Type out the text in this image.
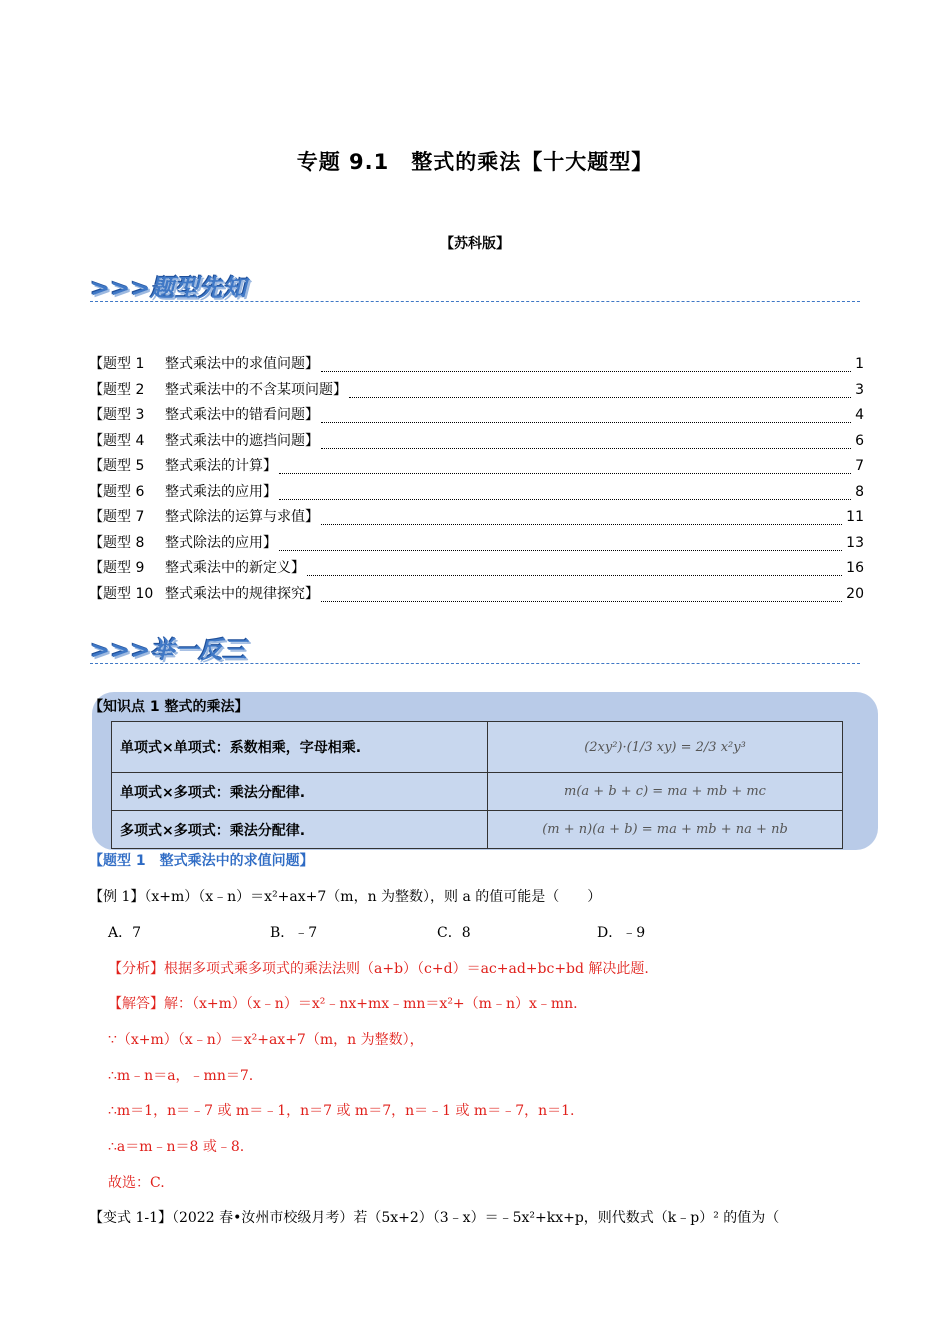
专题 9.1　整式的乘法【十大题型】
【苏科版】
>>>题型先知
【题型 1	整式乘法中的求值问题】	1
【题型 2	整式乘法中的不含某项问题】	3
【题型 3	整式乘法中的错看问题】	4
【题型 4	整式乘法中的遮挡问题】	6
【题型 5	整式乘法的计算】	7
【题型 6	整式乘法的应用】	8
【题型 7	整式除法的运算与求值】	11
【题型 8	整式除法的应用】	13
【题型 9	整式乘法中的新定义】	16
【题型 10 整式乘法中的规律探究】	20
>>>举一反三
【知识点 1 整式的乘法】
单项式×单项式：系数相乘，字母相乘.	(2xy²)·(1/3 xy) = 2/3 x²y³
单项式×多项式：乘法分配律.	m(a + b + c) = ma + mb + mc
多项式×多项式：乘法分配律.	(m + n)(a + b) = ma + mb + na + nb
【题型 1　整式乘法中的求值问题】
【例 1】（x+m）（x﹣n）＝x²+ax+7（m，n 为整数），则 a 的值可能是（　　）
A．7	B．﹣7	C．8	D．﹣9
【分析】根据多项式乘多项式的乘法法则（a+b）（c+d）＝ac+ad+bc+bd 解决此题.
【解答】解：（x+m）（x﹣n）＝x²﹣nx+mx﹣mn＝x²+（m﹣n）x﹣mn.
∵（x+m）（x﹣n）＝x²+ax+7（m，n 为整数），
∴m﹣n＝a，﹣mn＝7.
∴m＝1，n＝﹣7 或 m＝﹣1，n＝7 或 m＝7，n＝﹣1 或 m＝﹣7，n＝1.
∴a＝m﹣n＝8 或﹣8.
故选：C.
【变式 1-1】（2022 春•汝州市校级月考）若（5x+2）（3﹣x）＝﹣5x²+kx+p，则代数式（k﹣p）² 的值为（
